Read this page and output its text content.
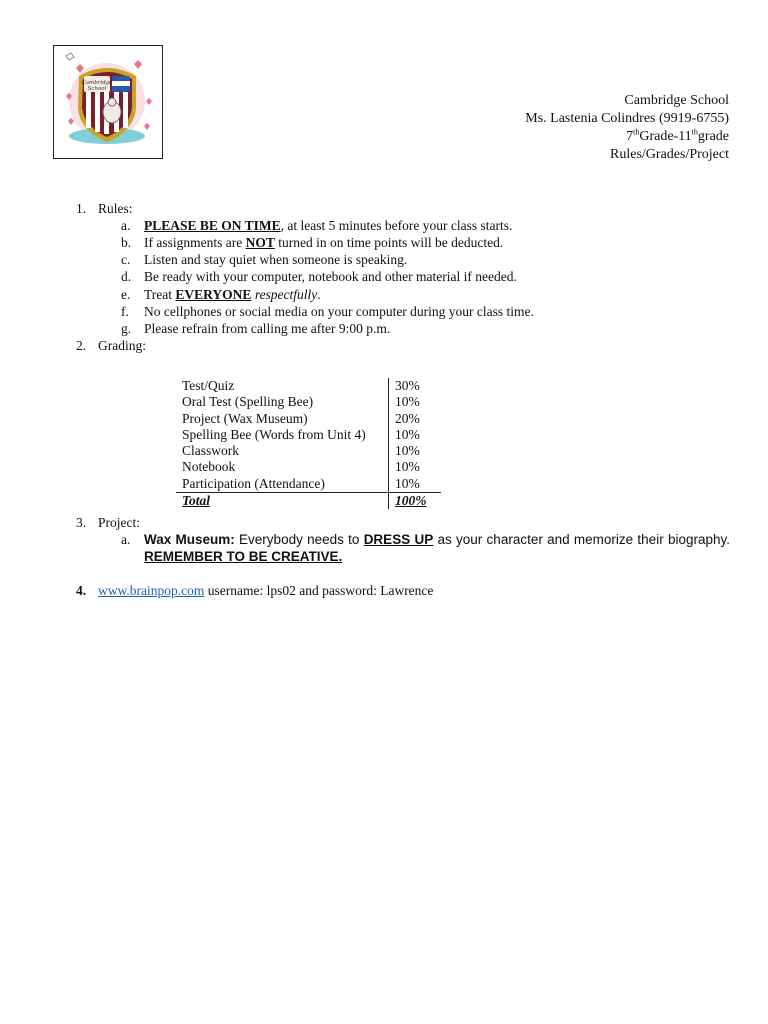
Cambridge
School
Cambridge School
Ms. Lastenia Colindres (9919-6755)
7thGrade-11thgrade
Rules/Grades/Project
1. Rules:
a. PLEASE BE ON TIME, at least 5 minutes before your class starts.
b. If assignments are NOT turned in on time points will be deducted.
c. Listen and stay quiet when someone is speaking.
d. Be ready with your computer, notebook and other material if needed.
e. Treat EVERYONE respectfully.
f. No cellphones or social media on your computer during your class time.
g. Please refrain from calling me after 9:00 p.m.
2. Grading:
Test/Quiz	30%
Oral Test (Spelling Bee)	10%
Project (Wax Museum)	20%
Spelling Bee (Words from Unit 4)	10%
Classwork	10%
Notebook	10%
Participation (Attendance)	10%
Total	100%
3. Project:
a. Wax Museum: Everybody needs to DRESS UP as your character and memorize their biography. REMEMBER TO BE CREATIVE.
4. www.brainpop.com username: lps02 and password: Lawrence
